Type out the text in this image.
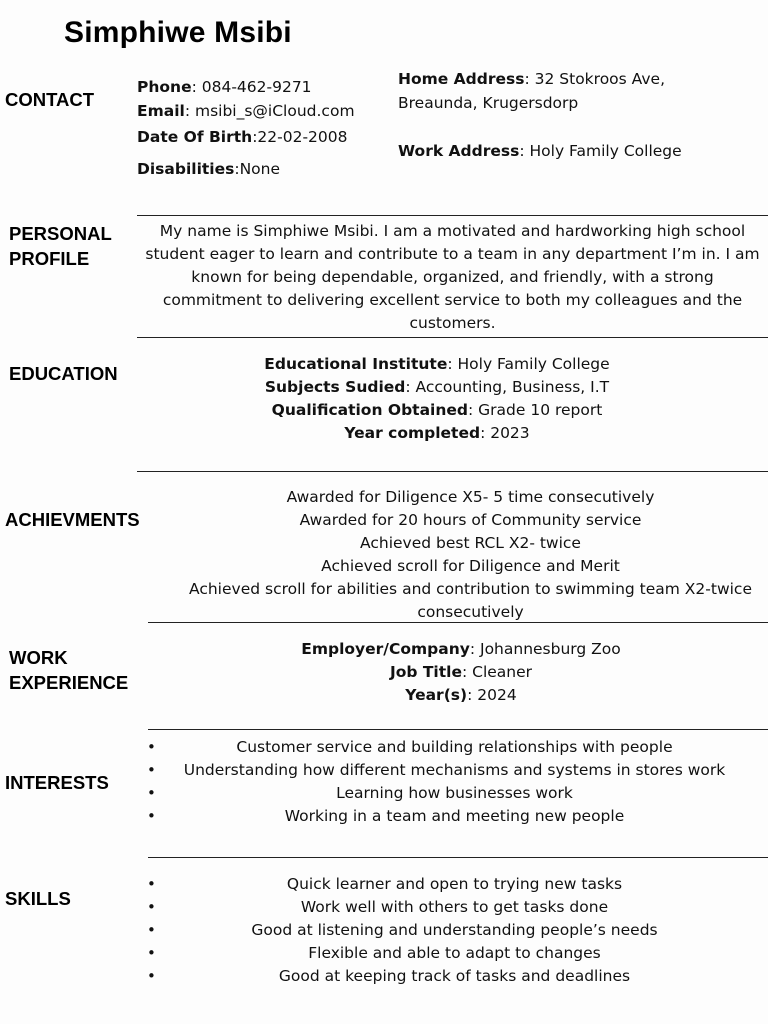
Simphiwe Msibi
CONTACT
Phone: 084-462-9271
Email: msibi_s@iCloud.com
Date Of Birth:22-02-2008
Disabilities:None
Home Address: 32 Stokroos Ave,
Breaunda, Krugersdorp
Work Address: Holy Family College
PERSONAL
PROFILE
My name is Simphiwe Msibi. I am a motivated and hardworking high school
student eager to learn and contribute to a team in any department I’m in. I am
known for being dependable, organized, and friendly, with a strong
commitment to delivering excellent service to both my colleagues and the
customers.
EDUCATION	Educational Institute: Holy Family College
Subjects Sudied: Accounting, Business, I.T
Qualification Obtained: Grade 10 report
Year completed: 2023
ACHIEVMENTS
Awarded for Diligence X5- 5 time consecutively
Awarded for 20 hours of Community service
Achieved best RCL X2- twice
Achieved scroll for Diligence and Merit
Achieved scroll for abilities and contribution to swimming team X2-twice
consecutively
WORK
EXPERIENCE
Employer/Company: Johannesburg Zoo
Job Title: Cleaner
Year(s): 2024
INTERESTS
•	Customer service and building relationships with people
• Understanding how different mechanisms and systems in stores work
•	Learning how businesses work
•	Working in a team and meeting new people
SKILLS
•	Quick learner and open to trying new tasks
•	Work well with others to get tasks done
•	Good at listening and understanding people’s needs
•	Flexible and able to adapt to changes
•	Good at keeping track of tasks and deadlines
